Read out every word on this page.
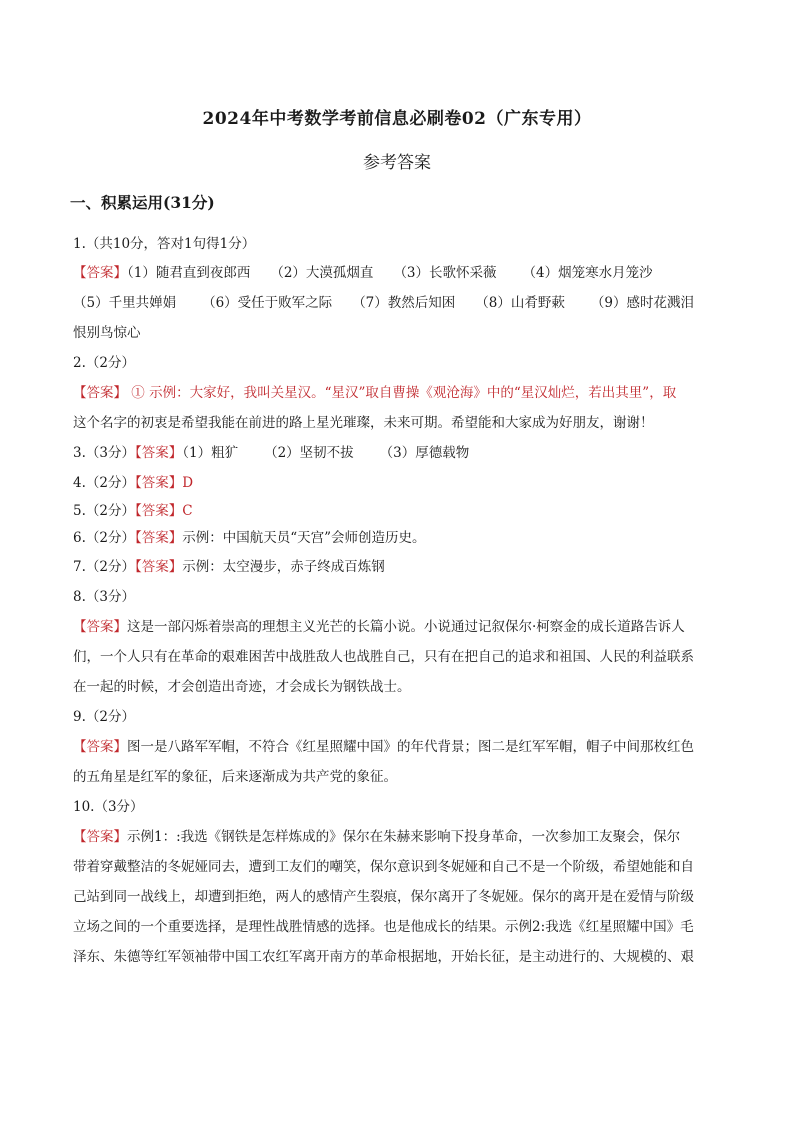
2024年中考数学考前信息必刷卷02（广东专用）
参考答案
一、积累运用(31分)
1.（共10分，答对1句得1分）
【答案】（1）随君直到夜郎西 （2）大漠孤烟直 （3）长歌怀采薇 （4）烟笼寒水月笼沙
（5）千里共婵娟 （6）受任于败军之际 （7）教然后知困 （8）山肴野蔌 （9）感时花溅泪
恨别鸟惊心
2.（2分）
【答案】 ① 示例：大家好，我叫关星汉。“星汉”取自曹操《观沧海》中的“星汉灿烂，若出其里”，取
这个名字的初衷是希望我能在前进的路上星光璀璨，未来可期。希望能和大家成为好朋友，谢谢！
3.（3分）【答案】（1）粗犷 （2）坚韧不拔 （3）厚德载物
4.（2分）【答案】D
5.（2分）【答案】C
6.（2分）【答案】示例：中国航天员“天宫”会师创造历史。
7.（2分）【答案】示例：太空漫步，赤子终成百炼钢
8.（3分）
【答案】这是一部闪烁着崇高的理想主义光芒的长篇小说。小说通过记叙保尔·柯察金的成长道路告诉人
们，一个人只有在革命的艰难困苦中战胜敌人也战胜自己，只有在把自己的追求和祖国、人民的利益联系
在一起的时候，才会创造出奇迹，才会成长为钢铁战士。
9.（2分）
【答案】图一是八路军军帽，不符合《红星照耀中国》的年代背景；图二是红军军帽，帽子中间那枚红色
的五角星是红军的象征，后来逐渐成为共产党的象征。
10.（3分）
【答案】示例1：:我选《钢铁是怎样炼成的》保尔在朱赫来影响下投身革命，一次参加工友聚会，保尔
带着穿戴整洁的冬妮娅同去，遭到工友们的嘲笑，保尔意识到冬妮娅和自己不是一个阶级，希望她能和自
己站到同一战线上，却遭到拒绝，两人的感情产生裂痕，保尔离开了冬妮娅。保尔的离开是在爱情与阶级
立场之间的一个重要选择，是理性战胜情感的选择。也是他成长的结果。示例2:我选《红星照耀中国》毛
泽东、朱德等红军领袖带中国工农红军离开南方的革命根据地，开始长征，是主动进行的、大规模的、艰
